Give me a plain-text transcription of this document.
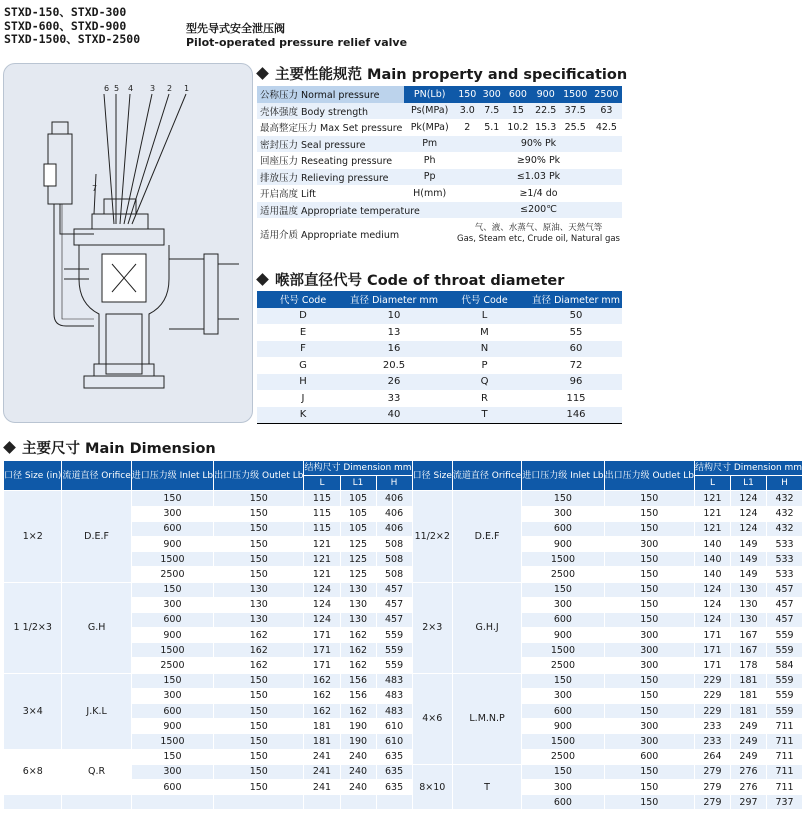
STXD-150、STXD-300
STXD-600、STXD-900
STXD-1500、STXD-2500
型先导式安全泄压阀
Pilot-operated pressure relief valve
7
6 5 4 3 2 1
主要性能规范 Main property and specification
公称压力 Normal pressure	PN(Lb)	150	300	600	900	1500	2500
壳体强度 Body strength	Ps(MPa)	3.0	7.5	15	22.5	37.5	63
最高整定压力 Max Set pressure	Pk(MPa)	2	5.1	10.2	15.3	25.5	42.5
密封压力 Seal pressure	Pm	90% Pk					
回座压力 Reseating pressure	Ph	≥90% Pk					
排放压力 Relieving pressure	Pp	≤1.03 Pk					
开启高度 Lift	H(mm)	≥1/4 do					
适用温度 Appropriate temperature		≤200℃					
适用介质 Appropriate medium		气、液、水蒸气、原油、天然气等
Gas, Steam etc, Crude oil, Natural gas					
喉部直径代号 Code of throat diameter
代号 Code	直径 Diameter mm	代号 Code	直径 Diameter mm
D	10	L	50
E	13	M	55
F	16	N	60
G	20.5	P	72
H	26	Q	96
J	33	R	115
K	40	T	146
主要尺寸 Main Dimension
口径 Size (in)	流道直径 Orifice	进口压力级 Inlet Lb	出口压力级 Outlet Lb	结构尺寸 Dimension mm			口径 Size	流道直径 Orifice	进口压力级 Inlet Lb	出口压力级 Outlet Lb	结构尺寸 Dimension mm		
				L	L1	H					L	L1	H
1×2	D.E.F	150	150	115	105	406	11/2×2	D.E.F	150	150	121	124	432
		300	150	115	105	406			300	150	121	124	432
		600	150	115	105	406			600	150	121	124	432
		900	150	121	125	508			900	300	140	149	533
		1500	150	121	125	508			1500	150	140	149	533
		2500	150	121	125	508			2500	150	140	149	533
1 1/2×3	G.H	150	130	124	130	457	2×3	G.H.J	150	150	124	130	457
		300	130	124	130	457			300	150	124	130	457
		600	130	124	130	457			600	150	124	130	457
		900	162	171	162	559			900	300	171	167	559
		1500	162	171	162	559			1500	300	171	167	559
		2500	162	171	162	559			2500	300	171	178	584
3×4	J.K.L	150	150	162	156	483	4×6	L.M.N.P	150	150	229	181	559
		300	150	162	156	483			300	150	229	181	559
		600	150	162	162	483			600	150	229	181	559
		900	150	181	190	610			900	300	233	249	711
		1500	150	181	190	610			1500	300	233	249	711
6×8	Q.R	150	150	241	240	635			2500	600	264	249	711
		300	150	241	240	635	8×10	T	150	150	279	276	711
		600	150	241	240	635			300	150	279	276	711
									600	150	279	297	737
